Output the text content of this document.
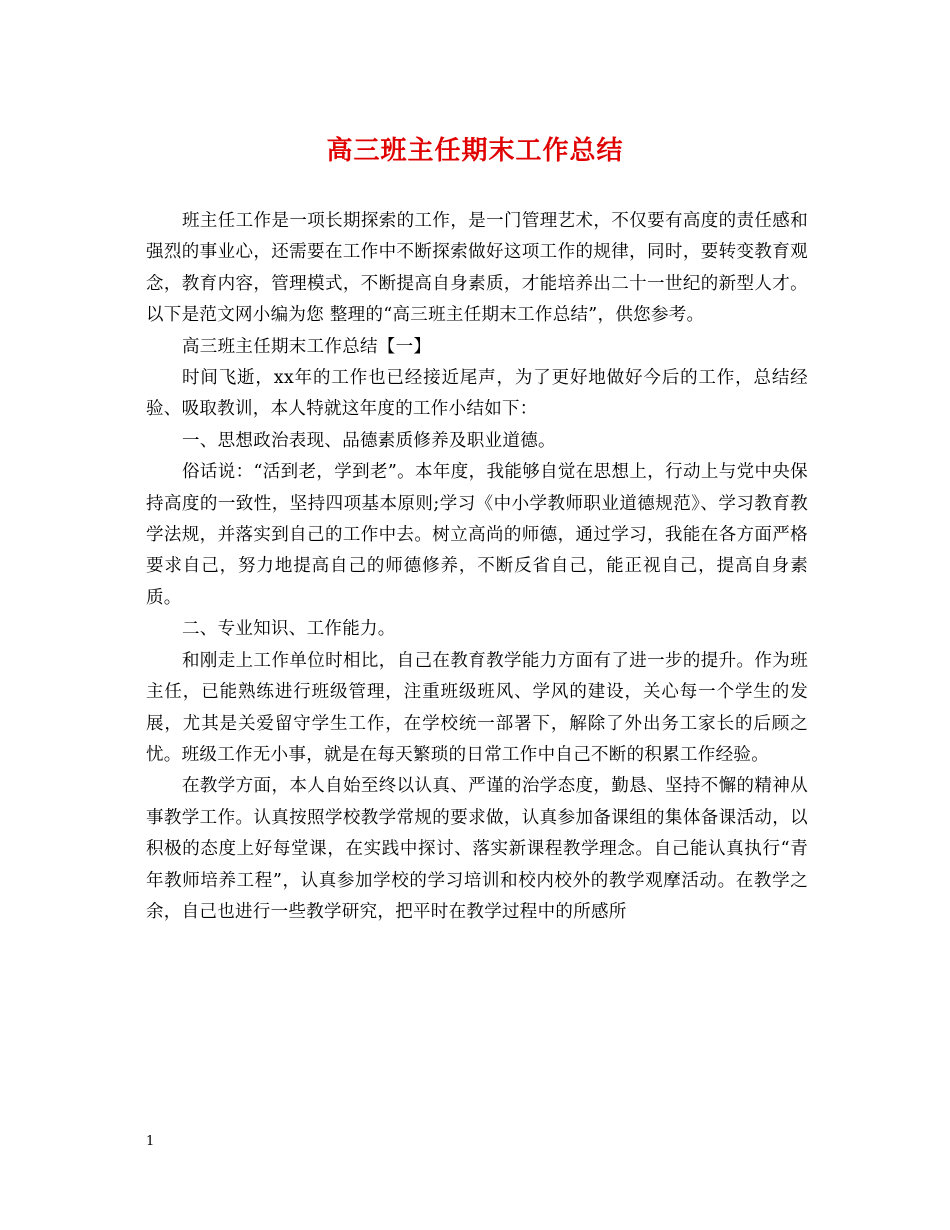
高三班主任期末工作总结

班主任工作是一项长期探索的工作，是一门管理艺术，不仅要有高度的责任感和强烈的事业心，还需要在工作中不断探索做好这项工作的规律，同时，要转变教育观念，教育内容，管理模式，不断提高自身素质，才能培养出二十一世纪的新型人才。以下是范文网小编为您 整理的“高三班主任期末工作总结”，供您参考。

高三班主任期末工作总结【一】

时间飞逝，xx年的工作也已经接近尾声，为了更好地做好今后的工作，总结经验、吸取教训，本人特就这年度的工作小结如下：

一、思想政治表现、品德素质修养及职业道德。

俗话说：“活到老，学到老”。本年度，我能够自觉在思想上，行动上与党中央保持高度的一致性，坚持四项基本原则;学习《中小学教师职业道德规范》、学习教育教学法规，并落实到自己的工作中去。树立高尚的师德，通过学习，我能在各方面严格要求自己，努力地提高自己的师德修养，不断反省自己，能正视自己，提高自身素质。

二、专业知识、工作能力。

和刚走上工作单位时相比，自己在教育教学能力方面有了进一步的提升。作为班主任，已能熟练进行班级管理，注重班级班风、学风的建设，关心每一个学生的发展，尤其是关爱留守学生工作，在学校统一部署下，解除了外出务工家长的后顾之忧。班级工作无小事，就是在每天繁琐的日常工作中自己不断的积累工作经验。

在教学方面，本人自始至终以认真、严谨的治学态度，勤恳、坚持不懈的精神从事教学工作。认真按照学校教学常规的要求做，认真参加备课组的集体备课活动，以积极的态度上好每堂课，在实践中探讨、落实新课程教学理念。自己能认真执行“青年教师培养工程”，认真参加学校的学习培训和校内校外的教学观摩活动。在教学之余，自己也进行一些教学研究，把平时在教学过程中的所感所

1
